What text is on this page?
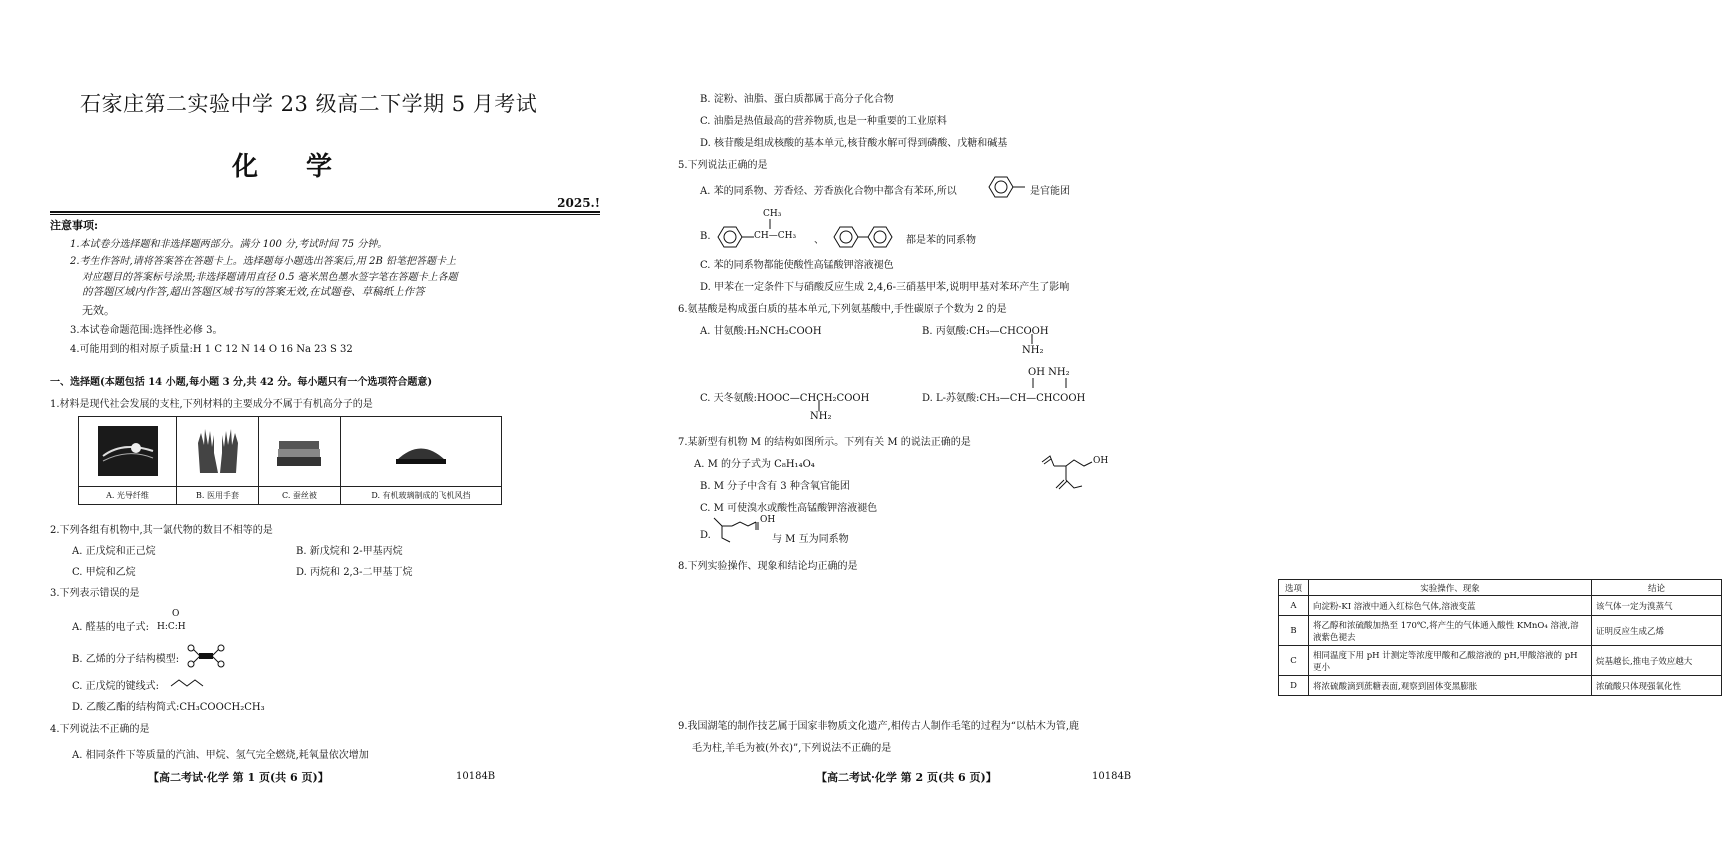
石家庄第二实验中学 23 级高二下学期 5 月考试
化学
2025.!
注意事项:
1.本试卷分选择题和非选择题两部分。满分 100 分,考试时间 75 分钟。
2.考生作答时,请将答案答在答题卡上。选择题每小题选出答案后,用 2B 铅笔把答题卡上
对应题目的答案标号涂黑;非选择题请用直径 0.5 毫米黑色墨水签字笔在答题卡上各题
的答题区域内作答,超出答题区域书写的答案无效,在试题卷、草稿纸上作答
无效。
3.本试卷命题范围:选择性必修 3。
4.可能用到的相对原子质量:H 1 C 12 N 14 O 16 Na 23 S 32
一、选择题(本题包括 14 小题,每小题 3 分,共 42 分。每小题只有一个选项符合题意)
1.材料是现代社会发展的支柱,下列材料的主要成分不属于有机高分子的是

A. 光导纤维	B. 医用手套	C. 蚕丝被	D. 有机玻璃制成的飞机风挡
2.下列各组有机物中,其一氯代物的数目不相等的是
A. 正戊烷和正己烷	B. 新戊烷和 2-甲基丙烷
C. 甲烷和乙烷	D. 丙烷和 2,3-二甲基丁烷
3.下列表示错误的是
A. 醛基的电子式:
O
H:C:H
B. 乙烯的分子结构模型:
C. 正戊烷的键线式:
D. 乙酸乙酯的结构简式:CH₃COOCH₂CH₃
4.下列说法不正确的是
A. 相同条件下等质量的汽油、甲烷、氢气完全燃烧,耗氧量依次增加
【高二考试·化学 第 1 页(共 6 页)】	10184B
B. 淀粉、油脂、蛋白质都属于高分子化合物
C. 油脂是热值最高的营养物质,也是一种重要的工业原料
D. 核苷酸是组成核酸的基本单元,核苷酸水解可得到磷酸、戊糖和碱基
5.下列说法正确的是
A. 苯的同系物、芳香烃、芳香族化合物中都含有苯环,所以	是官能团
B.
CH₃
CH—CH₃ 、	都是苯的同系物
C. 苯的同系物都能使酸性高锰酸钾溶液褪色
D. 甲苯在一定条件下与硝酸反应生成 2,4,6-三硝基甲苯,说明甲基对苯环产生了影响
6.氨基酸是构成蛋白质的基本单元,下列氨基酸中,手性碳原子个数为 2 的是
A. 甘氨酸:H₂NCH₂COOH	B. 丙氨酸:CH₃—CHCOOH
NH₂
C. 天冬氨酸:HOOC—CHCH₂COOH
NH₂
OH NH₂
D. L-苏氨酸:CH₃—CH—CHCOOH
7.某新型有机物 M 的结构如图所示。下列有关 M 的说法正确的是
A. M 的分子式为 C₈H₁₄O₄
B. M 分子中含有 3 种含氧官能团
C. M 可使溴水或酸性高锰酸钾溶液褪色
D.
OH
与 M 互为同系物
OH
8.下列实验操作、现象和结论均正确的是
选项	实验操作、现象	结论
A	向淀粉-KI 溶液中通入红棕色气体,溶液变蓝	该气体一定为溴蒸气
B	将乙醇和浓硫酸加热至 170℃,将产生的气体通入酸性 KMnO₄ 溶液,溶液紫色褪去	证明反应生成乙烯
C	相同温度下用 pH 计测定等浓度甲酸和乙酸溶液的 pH,甲酸溶液的 pH 更小	烷基越长,推电子效应越大
D	将浓硫酸滴到蔗糖表面,观察到固体变黑膨胀	浓硫酸只体现强氧化性
9.我国湖笔的制作技艺属于国家非物质文化遗产,相传古人制作毛笔的过程为“以枯木为管,鹿
毛为柱,羊毛为被(外衣)”,下列说法不正确的是
【高二考试·化学 第 2 页(共 6 页)】	10184B
